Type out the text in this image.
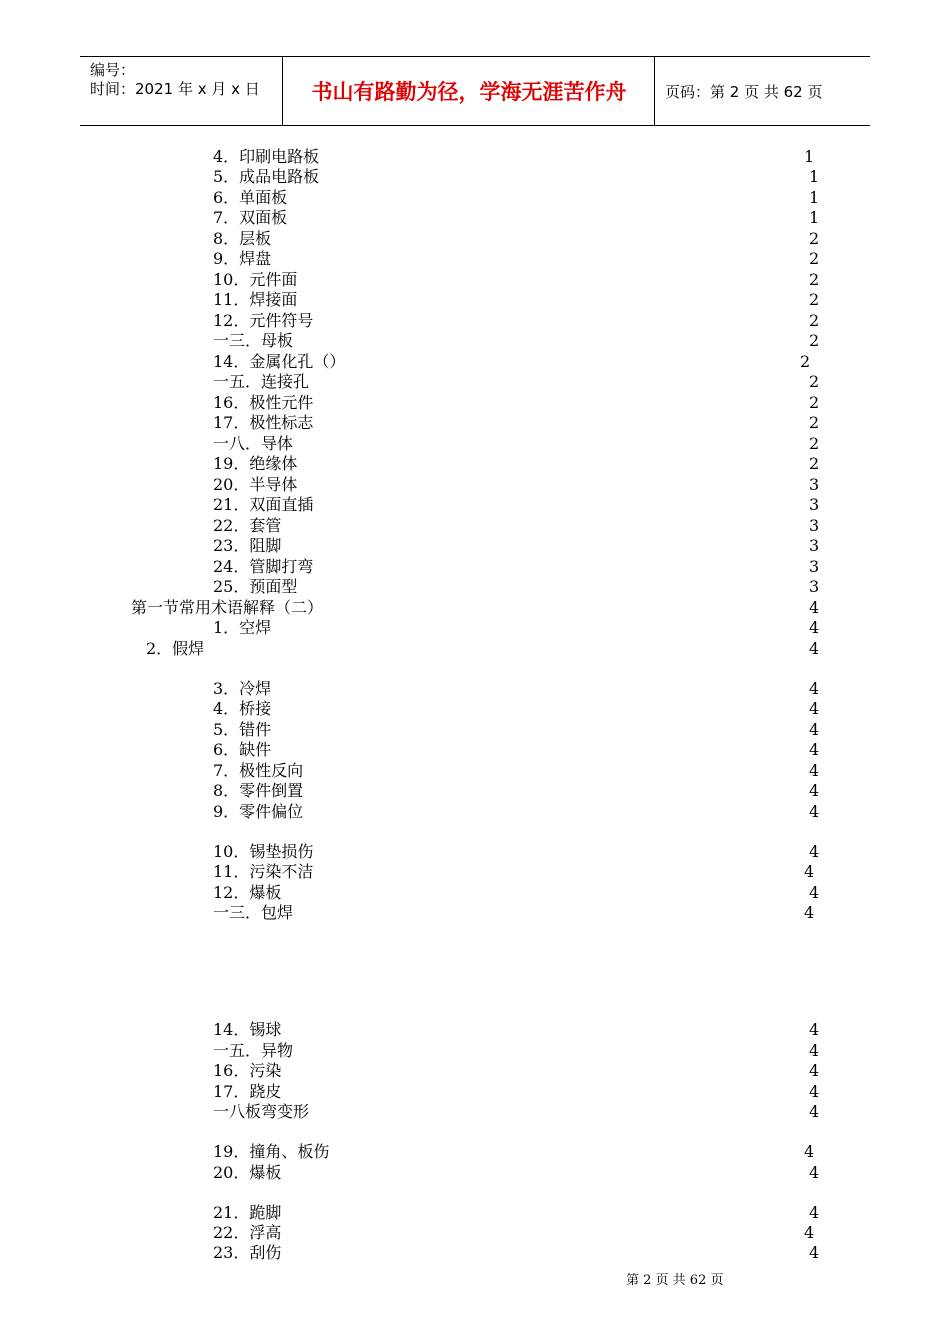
编号：
时间：2021 年 x 月 x 日	书山有路勤为径，学海无涯苦作舟	页码：第 2 页 共 62 页
4．印刷电路板	1
5．成品电路板	1
6．单面板	1
7．双面板	1
8．层板	2
9．焊盘	2
10．元件面	2
11．焊接面	2
12．元件符号	2
一三．母板	2
14．金属化孔（）	2
一五．连接孔	2
16．极性元件	2
17．极性标志	2
一八．导体	2
19．绝缘体	2
20．半导体	3
21．双面直插	3
22．套管	3
23．阻脚	3
24．管脚打弯	3
25．预面型	3
第一节常用术语解释（二）	4
1．空焊	4
2．假焊	4
3．冷焊	4
4．桥接	4
5．错件	4
6．缺件	4
7．极性反向	4
8．零件倒置	4
9．零件偏位	4
10．锡垫损伤	4
11．污染不洁	4
12．爆板	4
一三．包焊	4
14．锡球	4
一五．异物	4
16．污染	4
17．跷皮	4
一八板弯变形	4
19．撞角、板伤	4
20．爆板	4
21．跪脚	4
22．浮高	4
23．刮伤	4
第 2 页 共 62 页
